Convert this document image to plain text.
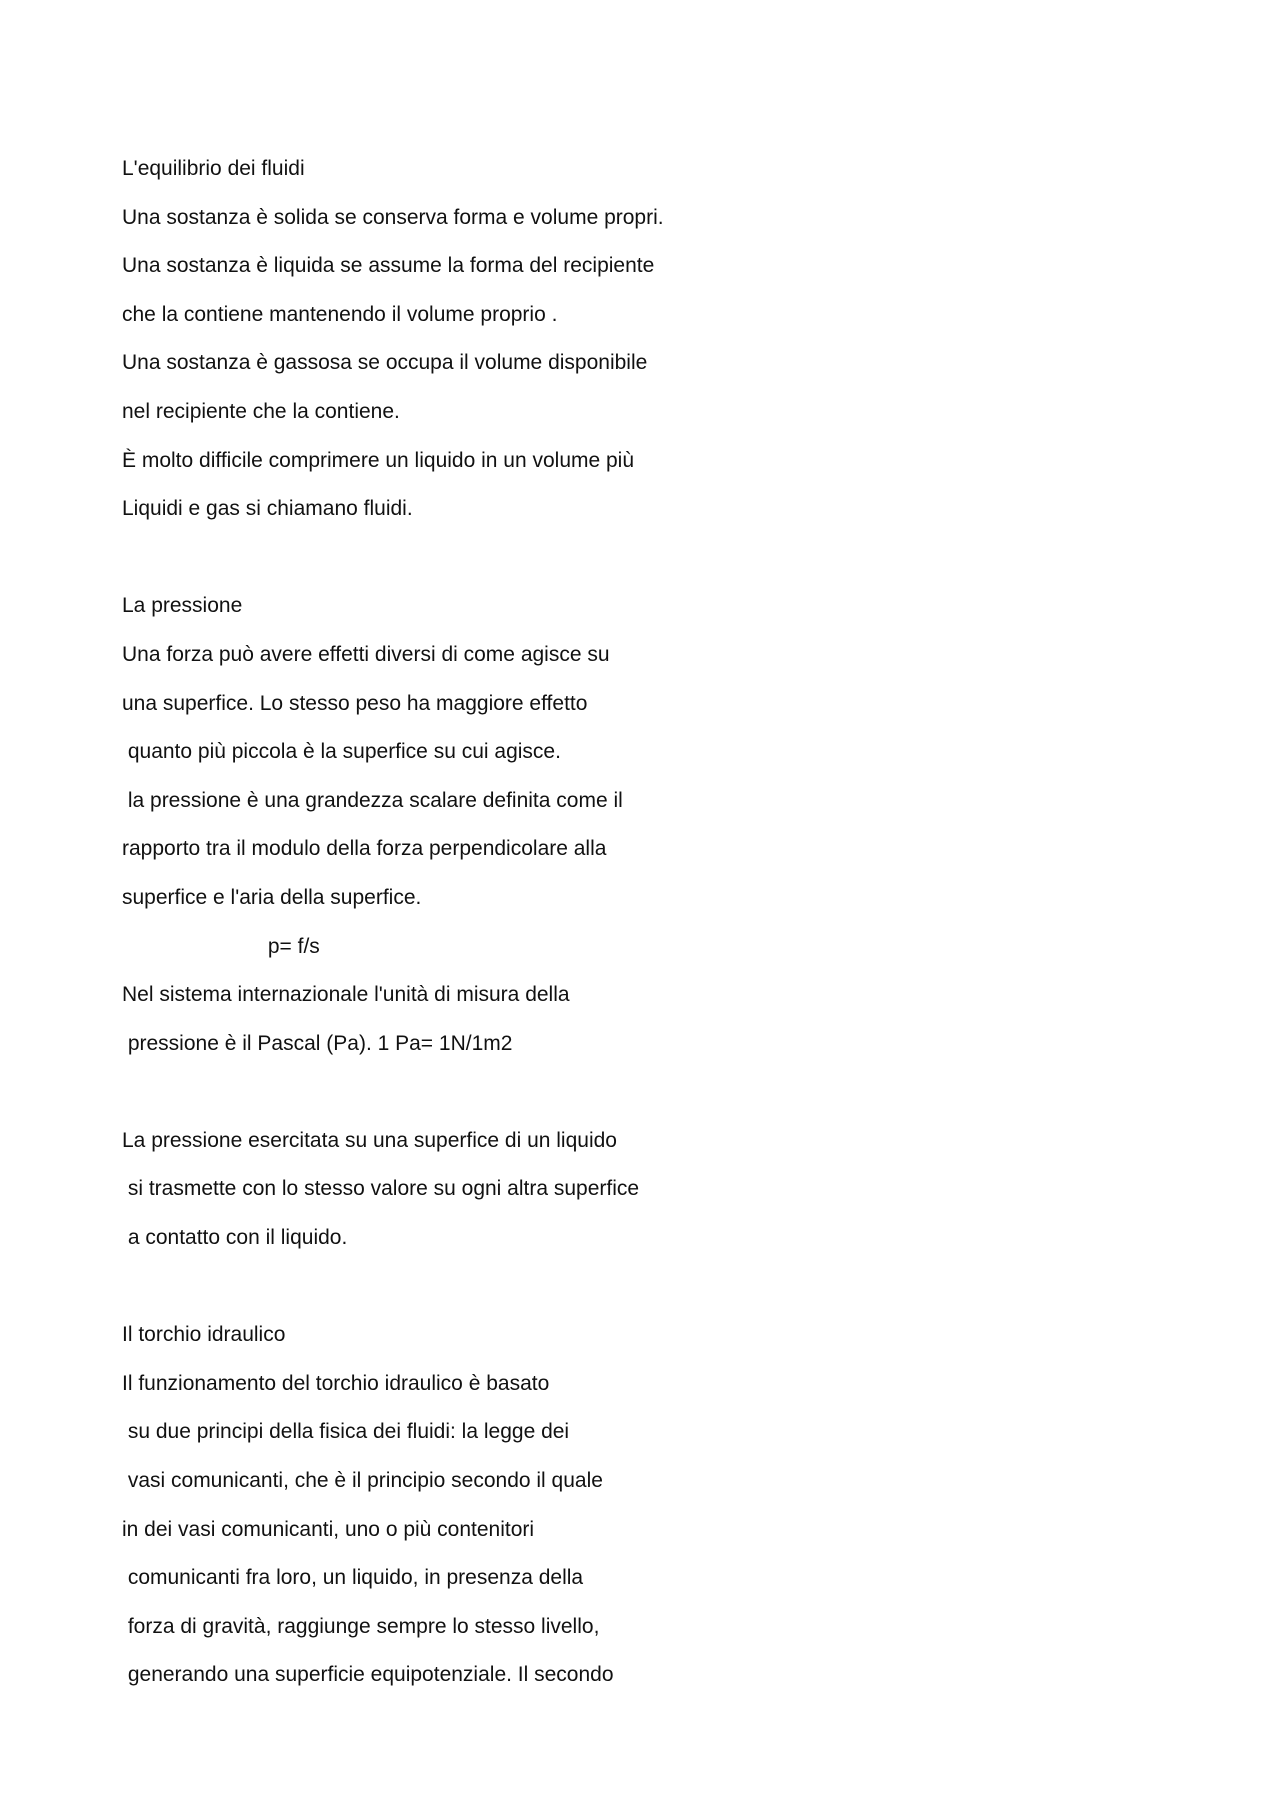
L'equilibrio dei fluidi
Una sostanza è solida se conserva forma e volume propri.
Una sostanza è liquida se assume la forma del recipiente
che la contiene mantenendo il volume proprio .
Una sostanza è gassosa se occupa il volume disponibile
nel recipiente che la contiene.
È molto difficile comprimere un liquido in un volume più
Liquidi e gas si chiamano fluidi.
La pressione
Una forza può avere effetti diversi di come agisce su
una superfice. Lo stesso peso ha maggiore effetto
quanto più piccola è la superfice su cui agisce.
la pressione è una grandezza scalare definita come il
rapporto tra il modulo della forza perpendicolare alla
superfice e l'aria della superfice.
p= f/s
Nel sistema internazionale l'unità di misura della
pressione è il Pascal (Pa). 1 Pa= 1N/1m2
La pressione esercitata su una superfice di un liquido
si trasmette con lo stesso valore su ogni altra superfice
a contatto con il liquido.
Il torchio idraulico
Il funzionamento del torchio idraulico è basato
su due principi della fisica dei fluidi: la legge dei
vasi comunicanti, che è il principio secondo il quale
in dei vasi comunicanti, uno o più contenitori
comunicanti fra loro, un liquido, in presenza della
forza di gravità, raggiunge sempre lo stesso livello,
generando una superficie equipotenziale. Il secondo
